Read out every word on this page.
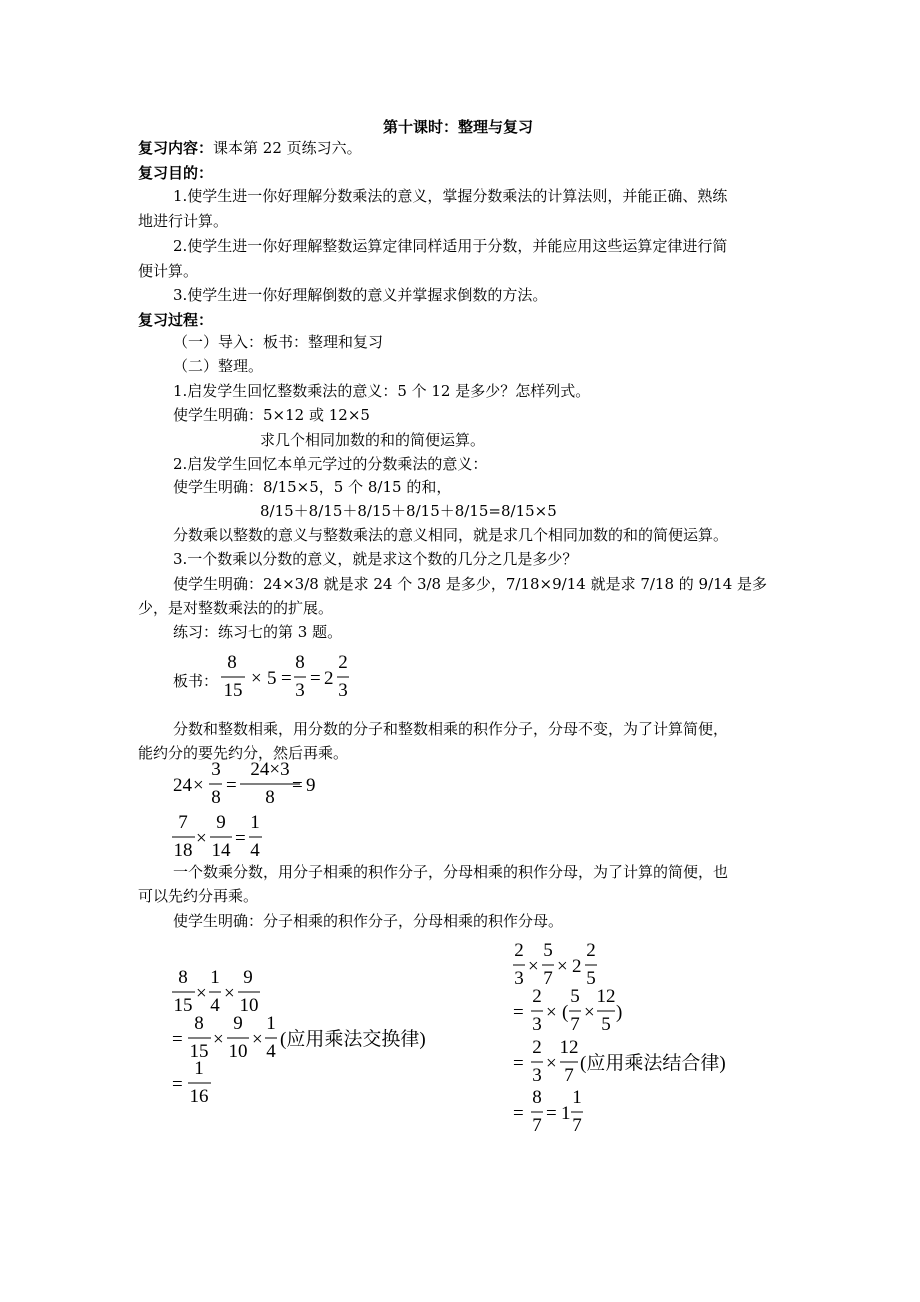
第十课时：整理与复习
复习内容：课本第 22 页练习六。
复习目的：
1.使学生进一你好理解分数乘法的意义，掌握分数乘法的计算法则，并能正确、熟练
地进行计算。
2.使学生进一你好理解整数运算定律同样适用于分数，并能应用这些运算定律进行简
便计算。
3.使学生进一你好理解倒数的意义并掌握求倒数的方法。
复习过程：
（一）导入：板书：整理和复习
（二）整理。
1.启发学生回忆整数乘法的意义：5 个 12 是多少？怎样列式。
使学生明确：5×12 或 12×5
求几个相同加数的和的简便运算。
2.启发学生回忆本单元学过的分数乘法的意义：
使学生明确：8/15×5，5 个 8/15 的和，
8/15＋8/15＋8/15＋8/15＋8/15=8/15×5
分数乘以整数的意义与整数乘法的意义相同，就是求几个相同加数的和的简便运算。
3.一个数乘以分数的意义，就是求这个数的几分之几是多少？
使学生明确：24×3/8 就是求 24 个 3/8 是多少，7/18×9/14 就是求 7/18 的 9/14 是多
少，是对整数乘法的的扩展。
练习：练习七的第 3 题。
板书：
分数和整数相乘，用分数的分子和整数相乘的积作分子，分母不变，为了计算简便，
能约分的要先约分，然后再乘。
一个数乘分数，用分子相乘的积作分子，分母相乘的积作分母，为了计算的简便，也
可以先约分再乘。
使学生明确：分子相乘的积作分子，分母相乘的积作分母。
8
15
× 5 =
8
3
= 2
2
3
24 ×
3
8
=
24×3
8
= 9
7
18
×
9
14
=
1
4
8
15
×
1
4
×
9
10
=
8
15
×
9
10
×
1
4
(应用乘法交换律)
=
1
16
2
3
×
5
7
× 2
2
5
=
2
3
× (
5
7
×
12
5
)
=
2
3
×
12
7
(应用乘法结合律)
=
8
7
= 1
1
7
